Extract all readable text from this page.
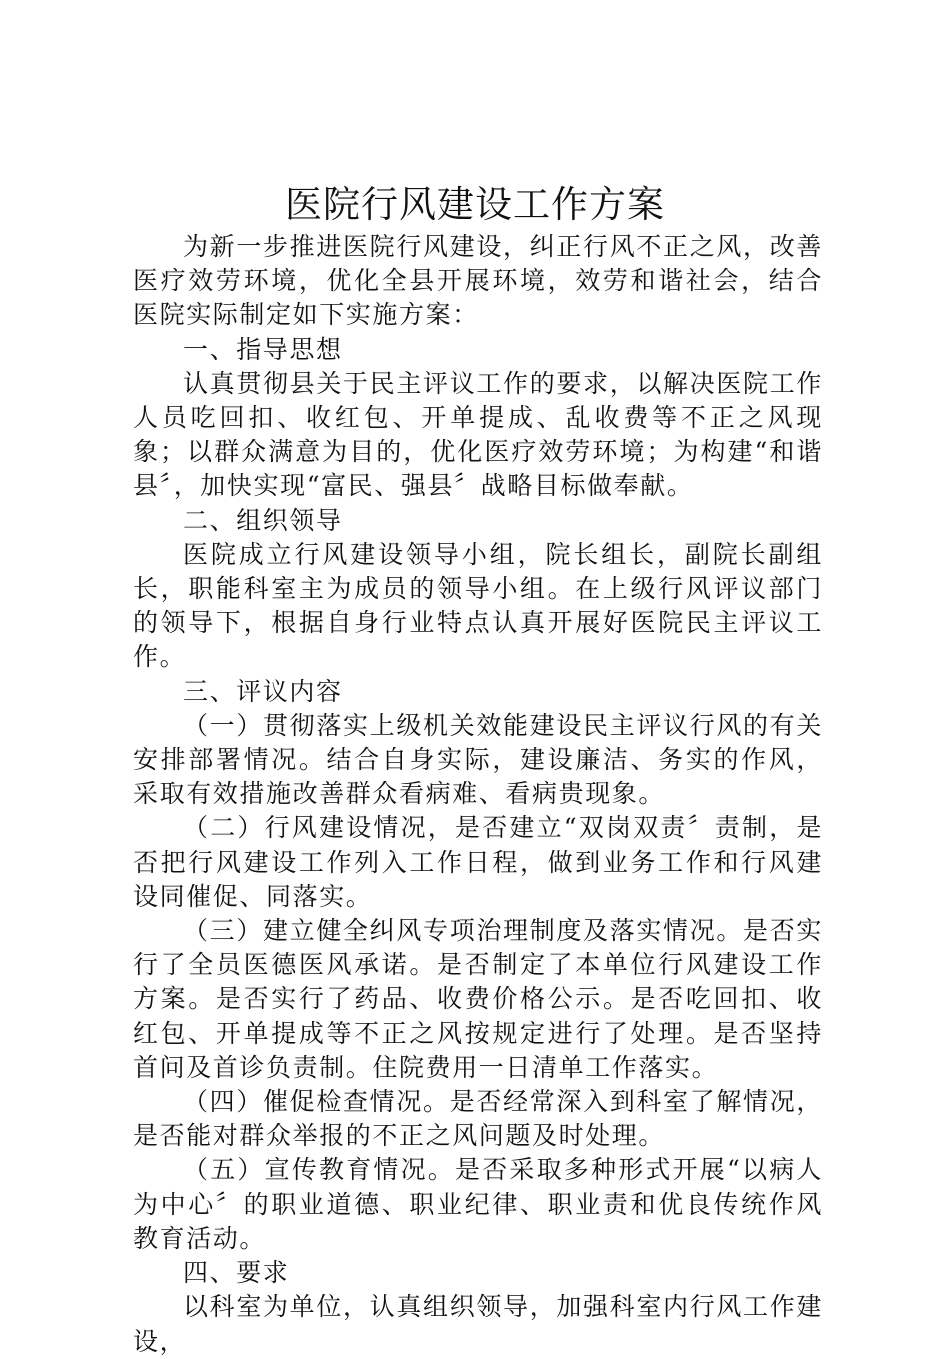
医院行风建设工作方案

为新一步推进医院行风建设，纠正行风不正之风，改善医疗效劳环境，优化全县开展环境，效劳和谐社会，结合医院实际制定如下实施方案：

一、指导思想

认真贯彻县关于民主评议工作的要求，以解决医院工作人员吃回扣、收红包、开单提成、乱收费等不正之风现象；以群众满意为目的，优化医疗效劳环境；为构建“和谐县〞，加快实现“富民、强县〞战略目标做奉献。

二、组织领导

医院成立行风建设领导小组，院长组长，副院长副组长，职能科室主为成员的领导小组。在上级行风评议部门的领导下，根据自身行业特点认真开展好医院民主评议工作。

三、评议内容

（一）贯彻落实上级机关效能建设民主评议行风的有关安排部署情况。结合自身实际，建设廉洁、务实的作风，采取有效措施改善群众看病难、看病贵现象。

（二）行风建设情况，是否建立“双岗双责〞责制，是否把行风建设工作列入工作日程，做到业务工作和行风建设同催促、同落实。

（三）建立健全纠风专项治理制度及落实情况。是否实行了全员医德医风承诺。是否制定了本单位行风建设工作方案。是否实行了药品、收费价格公示。是否吃回扣、收红包、开单提成等不正之风按规定进行了处理。是否坚持首问及首诊负责制。住院费用一日清单工作落实。

（四）催促检查情况。是否经常深入到科室了解情况，是否能对群众举报的不正之风问题及时处理。

（五）宣传教育情况。是否采取多种形式开展“以病人为中心〞的职业道德、职业纪律、职业责和优良传统作风教育活动。

四、要求

以科室为单位，认真组织领导，加强科室内行风工作建设，
